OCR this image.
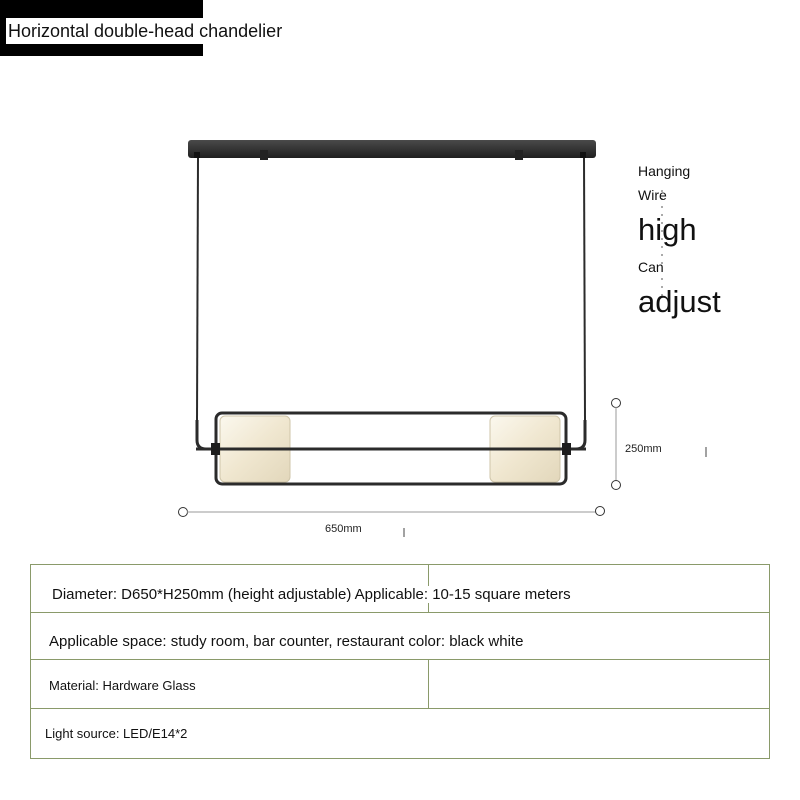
Horizontal double-head chandelier
Hanging
Wire
high
Can
adjust
250mm
650mm
Diameter: D650*H250mm (height adjustable) Applicable: 10-15 square meters
Applicable space: study room, bar counter, restaurant color: black white
Material: Hardware Glass
Light source: LED/E14*2
